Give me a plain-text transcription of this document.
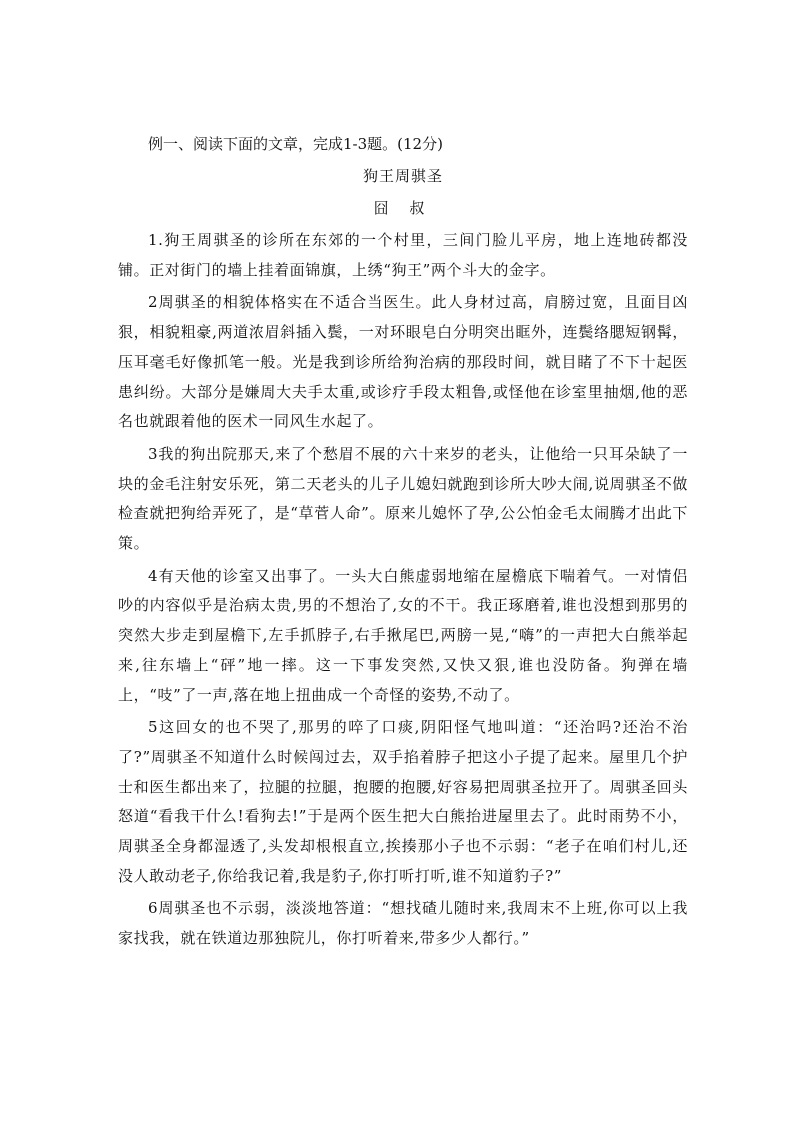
例一、阅读下面的文章，完成1-3题。(12分)
狗王周骐圣
囧 叔

1.狗王周骐圣的诊所在东郊的一个村里，三间门脸儿平房，地上连地砖都没铺。正对街门的墙上挂着面锦旗，上绣“狗王”两个斗大的金字。

2周骐圣的相貌体格实在不适合当医生。此人身材过高，肩膀过宽，且面目凶狠，相貌粗豪,两道浓眉斜插入鬓，一对环眼皂白分明突出眶外，连鬓络腮短钢髯，压耳毫毛好像抓笔一般。光是我到诊所给狗治病的那段时间，就目睹了不下十起医患纠纷。大部分是嫌周大夫手太重,或诊疗手段太粗鲁,或怪他在诊室里抽烟,他的恶名也就跟着他的医术一同风生水起了。

3我的狗出院那天,来了个愁眉不展的六十来岁的老头，让他给一只耳朵缺了一块的金毛注射安乐死，第二天老头的儿子儿媳妇就跑到诊所大吵大闹,说周骐圣不做检查就把狗给弄死了，是“草菅人命”。原来儿媳怀了孕,公公怕金毛太闹腾才出此下策。

4有天他的诊室又出事了。一头大白熊虚弱地缩在屋檐底下喘着气。一对情侣吵的内容似乎是治病太贵,男的不想治了,女的不干。我正琢磨着,谁也没想到那男的突然大步走到屋檐下,左手抓脖子,右手揪尾巴,两膀一晃,“嗨”的一声把大白熊举起来,往东墙上“砰”地一摔。这一下事发突然,又快又狠,谁也没防备。狗弹在墙上，“吱”了一声,落在地上扭曲成一个奇怪的姿势,不动了。

5这回女的也不哭了,那男的啐了口痰,阴阳怪气地叫道：“还治吗?还治不治了?”周骐圣不知道什么时候闯过去，双手掐着脖子把这小子提了起来。屋里几个护士和医生都出来了，拉腿的拉腿，抱腰的抱腰,好容易把周骐圣拉开了。周骐圣回头怒道“看我干什么!看狗去!”于是两个医生把大白熊抬进屋里去了。此时雨势不小，周骐圣全身都湿透了,头发却根根直立,挨揍那小子也不示弱：“老子在咱们村儿,还没人敢动老子,你给我记着,我是豹子,你打听打听,谁不知道豹子?”

6周骐圣也不示弱，淡淡地答道：“想找碴儿随时来,我周末不上班,你可以上我家找我，就在铁道边那独院儿，你打听着来,带多少人都行。”
